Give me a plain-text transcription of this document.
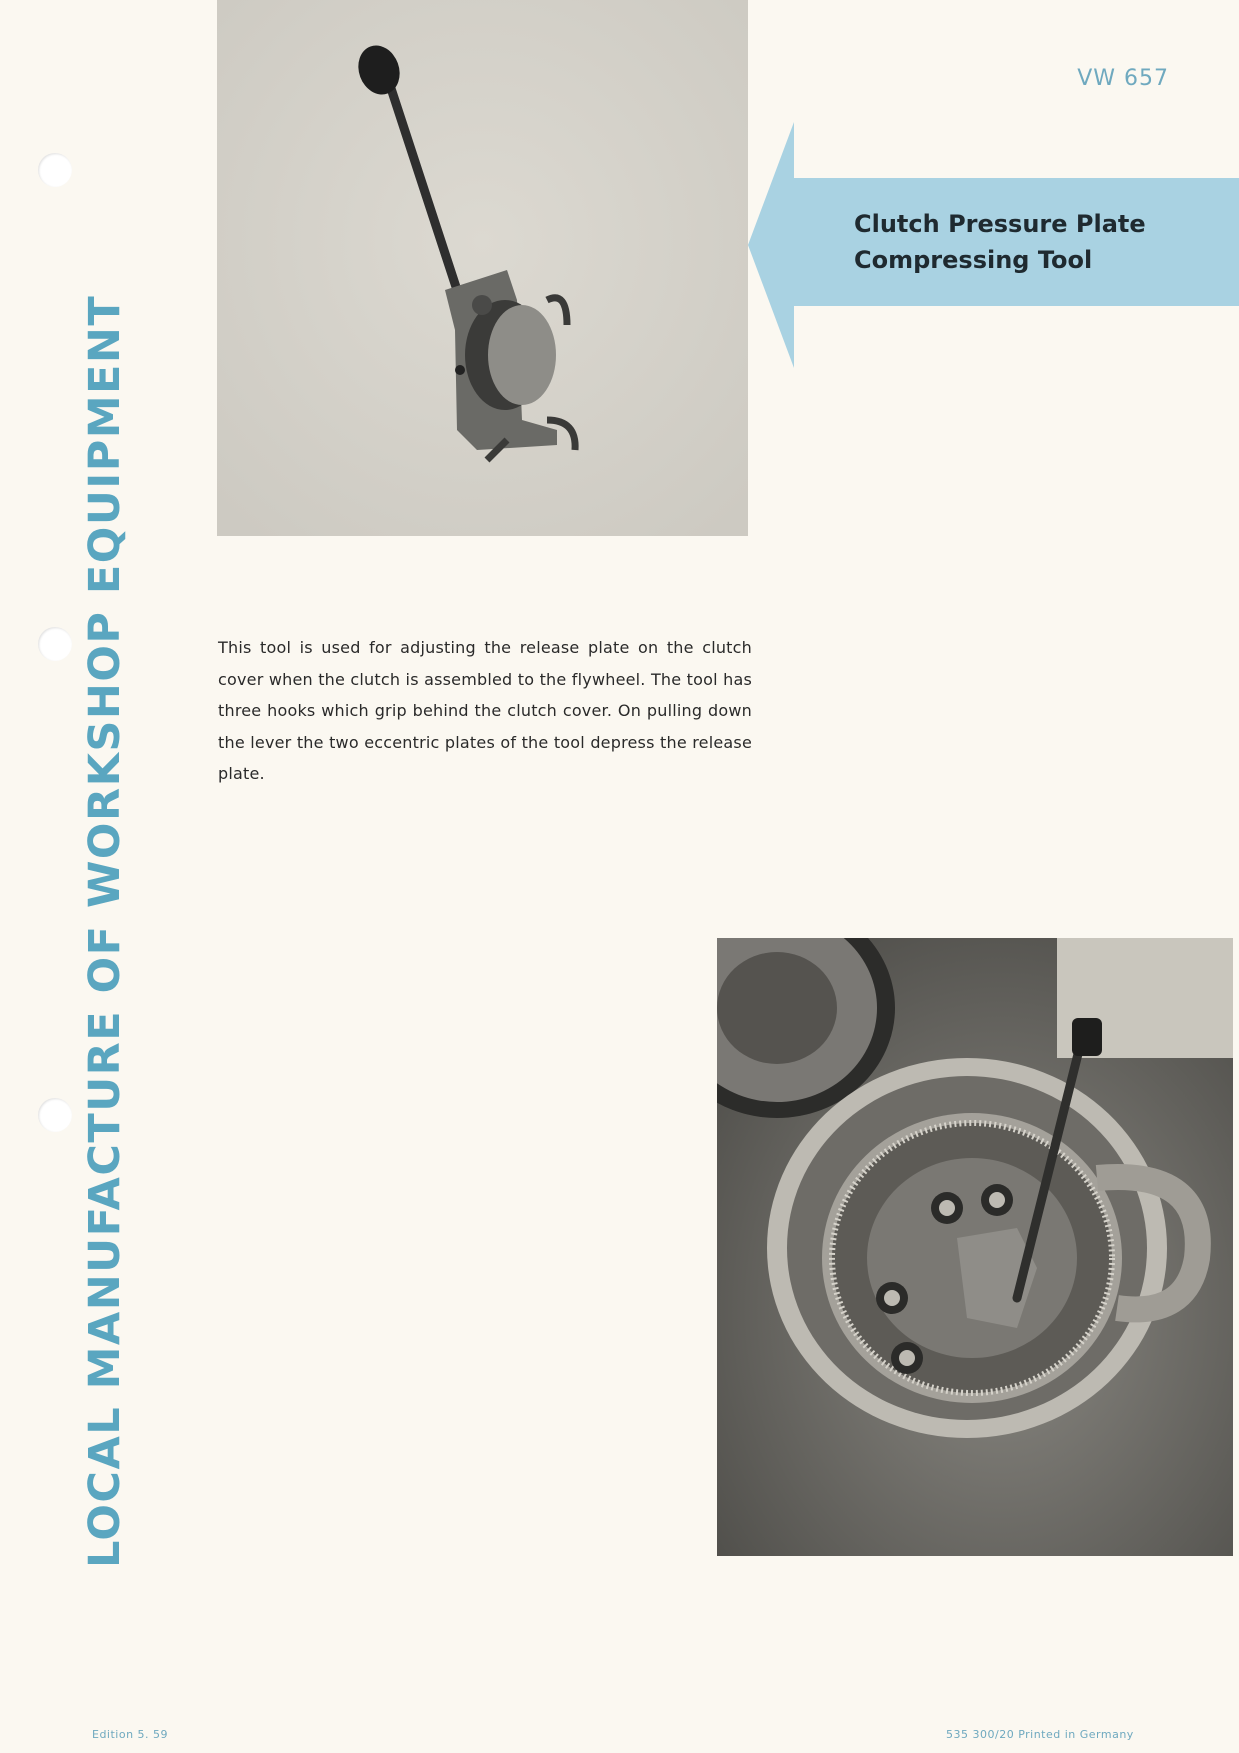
LOCAL MANUFACTURE OF WORKSHOP EQUIPMENT
VW 657
Clutch Pressure Plate
Compressing Tool
This tool is used for adjusting the release plate on the clutch cover when the clutch is assembled to the flywheel. The tool has three hooks which grip behind the clutch cover. On pulling down the lever the two eccentric plates of the tool depress the release plate.
Edition 5. 59	535 300/20 Printed in Germany
